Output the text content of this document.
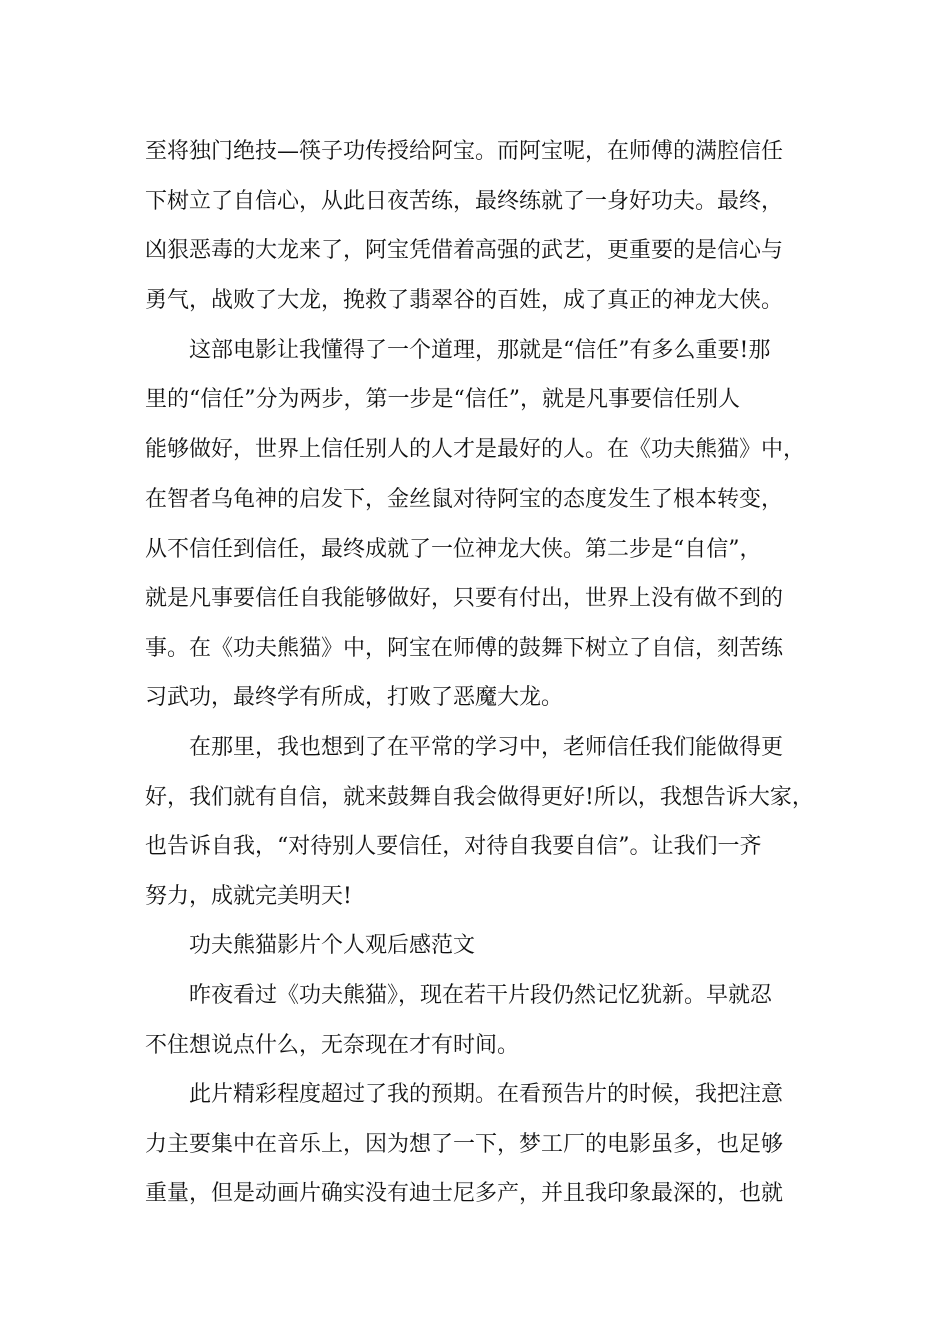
至将独门绝技—筷子功传授给阿宝。而阿宝呢，在师傅的满腔信任
下树立了自信心，从此日夜苦练，最终练就了一身好功夫。最终，
凶狠恶毒的大龙来了，阿宝凭借着高强的武艺，更重要的是信心与
勇气，战败了大龙，挽救了翡翠谷的百姓，成了真正的神龙大侠。
这部电影让我懂得了一个道理，那就是“信任”有多么重要!那
里的“信任”分为两步，第一步是“信任”，就是凡事要信任别人
能够做好，世界上信任别人的人才是最好的人。在《功夫熊猫》中，
在智者乌龟神的启发下，金丝鼠对待阿宝的态度发生了根本转变，
从不信任到信任，最终成就了一位神龙大侠。第二步是“自信”，
就是凡事要信任自我能够做好，只要有付出，世界上没有做不到的
事。在《功夫熊猫》中，阿宝在师傅的鼓舞下树立了自信，刻苦练
习武功，最终学有所成，打败了恶魔大龙。
在那里，我也想到了在平常的学习中，老师信任我们能做得更
好，我们就有自信，就来鼓舞自我会做得更好!所以，我想告诉大家，
也告诉自我，“对待别人要信任，对待自我要自信”。让我们一齐
努力，成就完美明天!
功夫熊猫影片个人观后感范文
昨夜看过《功夫熊猫》，现在若干片段仍然记忆犹新。早就忍
不住想说点什么，无奈现在才有时间。
此片精彩程度超过了我的预期。在看预告片的时候，我把注意
力主要集中在音乐上，因为想了一下，梦工厂的电影虽多，也足够
重量，但是动画片确实没有迪士尼多产，并且我印象最深的，也就
